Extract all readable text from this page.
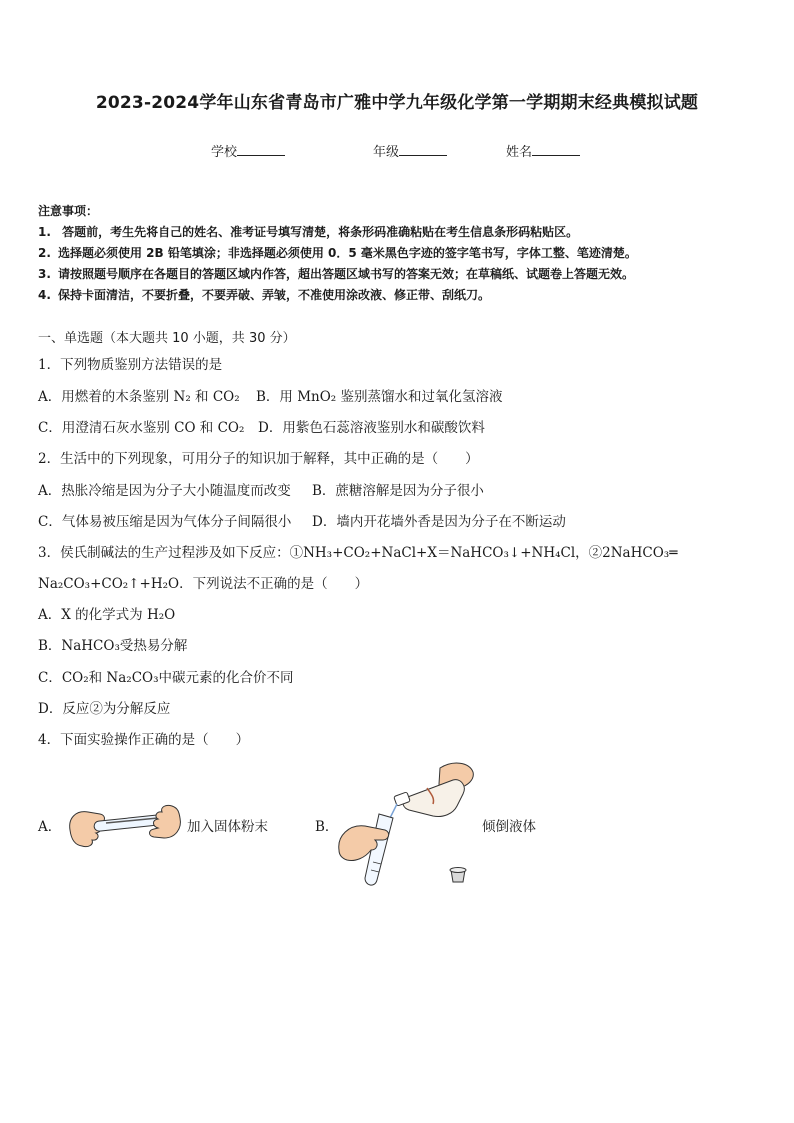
2023-2024学年山东省青岛市广雅中学九年级化学第一学期期末经典模拟试题
学校	年级	姓名
注意事项：
1. 答题前，考生先将自己的姓名、准考证号填写清楚，将条形码准确粘贴在考生信息条形码粘贴区。
2. 选择题必须使用 2B 铅笔填涂；非选择题必须使用 0．5 毫米黑色字迹的签字笔书写，字体工整、笔迹清楚。
3. 请按照题号顺序在各题目的答题区域内作答，超出答题区域书写的答案无效；在草稿纸、试题卷上答题无效。
4. 保持卡面清洁，不要折叠，不要弄破、弄皱，不准使用涂改液、修正带、刮纸刀。
一、单选题（本大题共 10 小题，共 30 分）
1．下列物质鉴别方法错误的是
A．用燃着的木条鉴别 N₂ 和 CO₂ B．用 MnO₂ 鉴别蒸馏水和过氧化氢溶液
C．用澄清石灰水鉴别 CO 和 CO₂ D．用紫色石蕊溶液鉴别水和碳酸饮料
2．生活中的下列现象，可用分子的知识加于解释，其中正确的是（　　）
A．热胀冷缩是因为分子大小随温度而改变 B．蔗糖溶解是因为分子很小
C．气体易被压缩是因为气体分子间隔很小 D．墙内开花墙外香是因为分子在不断运动
3．侯氏制碱法的生产过程涉及如下反应：①NH₃+CO₂+NaCl+X＝NaHCO₃↓+NH₄Cl，②2NaHCO₃═
Na₂CO₃+CO₂↑+H₂O．下列说法不正确的是（　　）
A．X 的化学式为 H₂O
B．NaHCO₃受热易分解
C．CO₂和 Na₂CO₃中碳元素的化合价不同
D．反应②为分解反应
4．下面实验操作正确的是（　　）
A．	加入固体粉末	B．	倾倒液体
